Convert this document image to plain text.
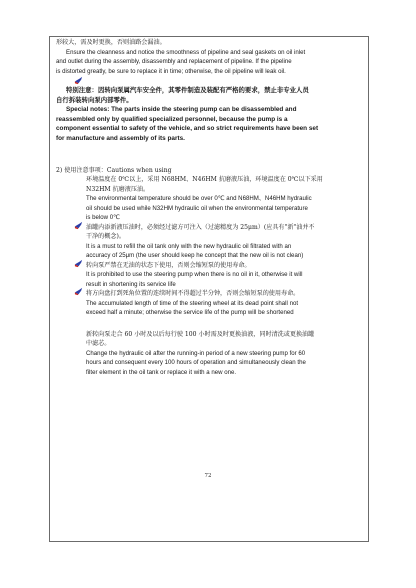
形较大，需及时更换，否则油路会漏油。

Ensure the cleanness and notice the smoothness of pipeline and seal gaskets on oil inlet

and outlet during the assembly, disassembly and replacement of pipeline. If the pipeline

is distorted greatly, be sure to replace it in time; otherwise, the oil pipeline will leak oil.

特别注意：因转向泵属汽车安全件，其零件制造及装配有严格的要求，禁止非专业人员

自行拆装转向泵内部零件。

Special notes: The parts inside the steering pump can be disassembled and

reassembled only by qualified specialized personnel, because the pump is a

component essential to safety of the vehicle, and so strict requirements have been set

for manufacture and assembly of its parts.

2) 使用注意事项：Cautions when using

环境温度在 0℃以上，采用 N68HM、N46HM 抗磨液压油，环境温度在 0℃以下采用

N32HM 抗磨液压油。

The environmental temperature should be over 0℃ and N68HM、N46HM hydraulic

oil should be used while N32HM hydraulic oil when the environmental temperature

is below 0℃

油罐内添新液压油时，必须经过滤方可注入（过滤精度为 25μm）(应具有"新"油并不

干净的概念)。

It is a must to refill the oil tank only with the new hydraulic oil filtrated with an

accuracy of 25μm (the user should keep he concept that the new oil is not clean)

转向泵严禁在无油的状态下使用，否则会缩短泵的使用寿命。

It is prohibited to use the steering pump when there is no oil in it, otherwise it will

result in shortening its service life

将方向盘打到死角位置的连续时间不得超过半分钟，否则会缩短泵的使用寿命。

The accumulated length of time of the steering wheel at its dead point shall not

exceed half a minute; otherwise the service life of the pump will be shortened

新转向泵走合 60 小时及以后每行驶 100 小时需及时更换油液，同时清洗或更换油罐

中滤芯。

Change the hydraulic oil after the running-in period of a new steering pump for 60

hours and consequent every 100 hours of operation and simultaneously clean the

filter element in the oil tank or replace it with a new one.

72
